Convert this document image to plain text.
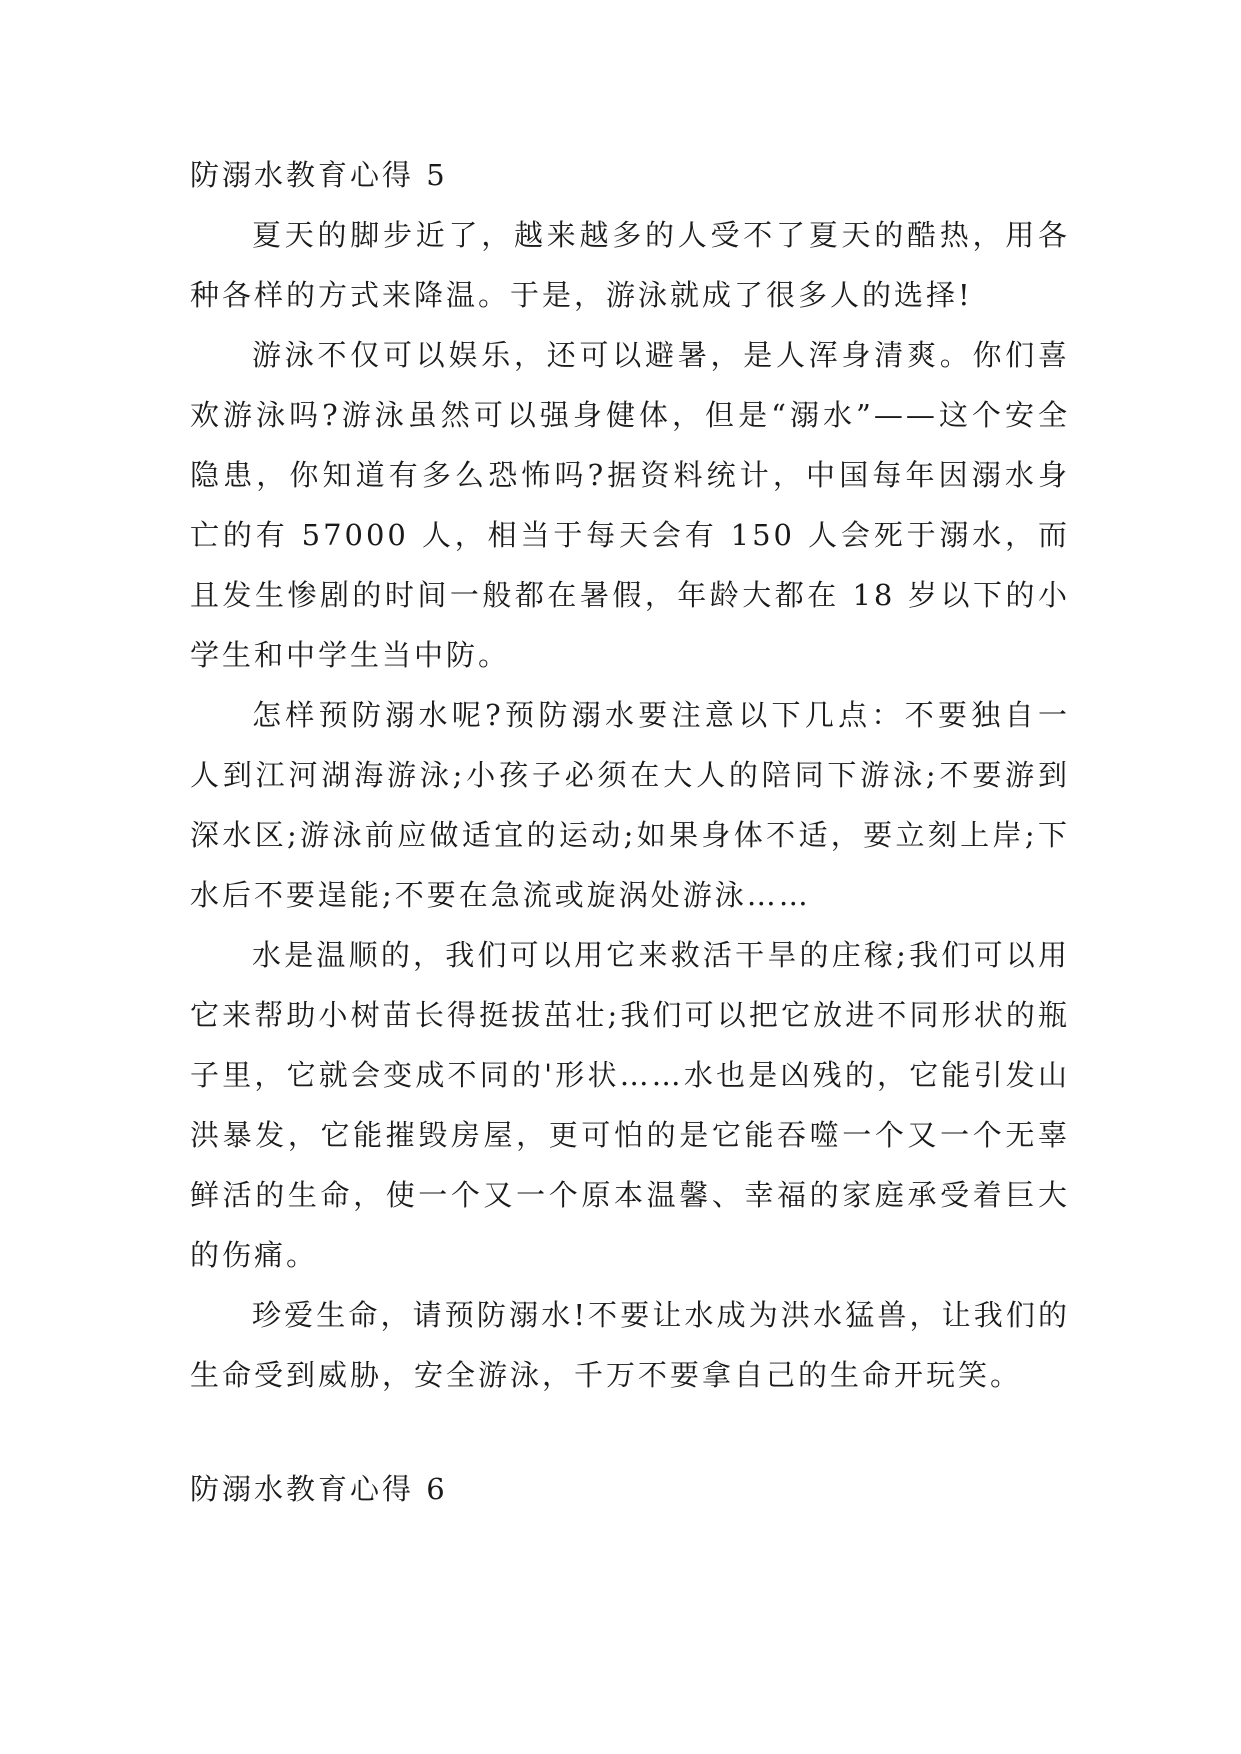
防溺水教育心得 5

夏天的脚步近了，越来越多的人受不了夏天的酷热，用各种各样的方式来降温。于是，游泳就成了很多人的选择!

游泳不仅可以娱乐，还可以避暑，是人浑身清爽。你们喜欢游泳吗?游泳虽然可以强身健体，但是“溺水”——这个安全隐患，你知道有多么恐怖吗?据资料统计，中国每年因溺水身亡的有 57000 人，相当于每天会有 150 人会死于溺水，而且发生惨剧的时间一般都在暑假，年龄大都在 18 岁以下的小学生和中学生当中防。

怎样预防溺水呢?预防溺水要注意以下几点：不要独自一人到江河湖海游泳;小孩子必须在大人的陪同下游泳;不要游到深水区;游泳前应做适宜的运动;如果身体不适，要立刻上岸;下水后不要逞能;不要在急流或旋涡处游泳……

水是温顺的，我们可以用它来救活干旱的庄稼;我们可以用它来帮助小树苗长得挺拔茁壮;我们可以把它放进不同形状的瓶子里，它就会变成不同的'形状……水也是凶残的，它能引发山洪暴发，它能摧毁房屋，更可怕的是它能吞噬一个又一个无辜鲜活的生命，使一个又一个原本温馨、幸福的家庭承受着巨大的伤痛。

珍爱生命，请预防溺水!不要让水成为洪水猛兽，让我们的生命受到威胁，安全游泳，千万不要拿自己的生命开玩笑。

防溺水教育心得 6
